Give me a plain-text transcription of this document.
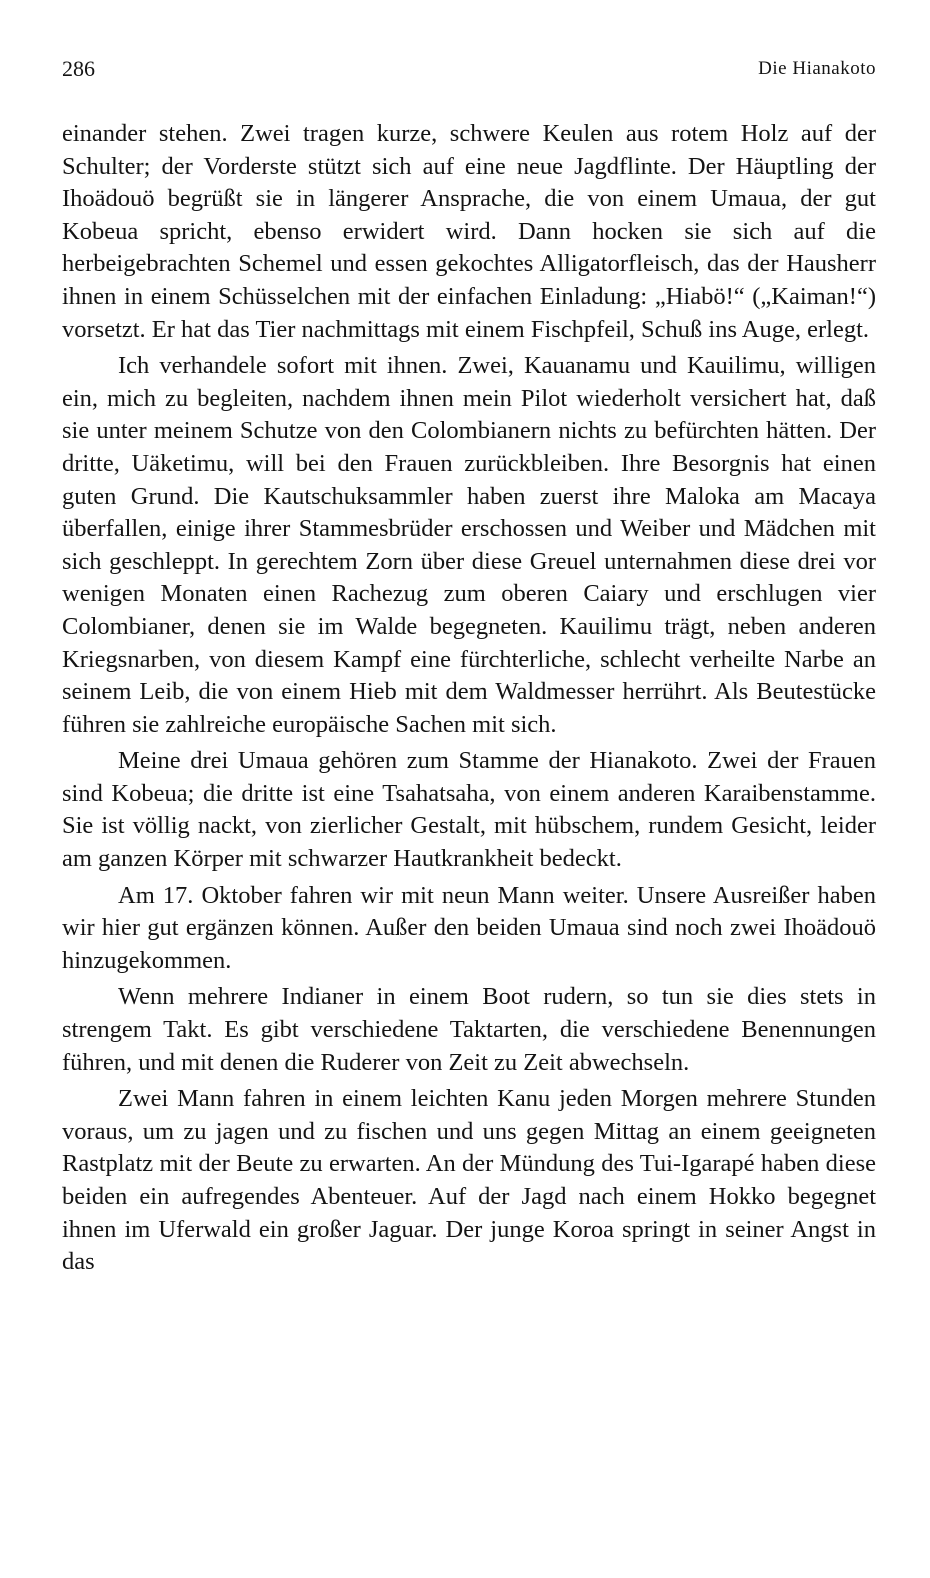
286	Die Hianakoto

einander stehen. Zwei tragen kurze, schwere Keulen aus rotem Holz auf der Schulter; der Vorderste stützt sich auf eine neue Jagdflinte. Der Häuptling der Ihoädouö begrüßt sie in längerer Ansprache, die von einem Umaua, der gut Kobeua spricht, ebenso erwidert wird. Dann hocken sie sich auf die herbeigebrachten Schemel und essen gekochtes Alligatorfleisch, das der Hausherr ihnen in einem Schüsselchen mit der einfachen Einladung: „Hiabö!“ („Kaiman!“) vorsetzt. Er hat das Tier nachmittags mit einem Fischpfeil, Schuß ins Auge, erlegt.

Ich verhandele sofort mit ihnen. Zwei, Kauanamu und Kauilimu, willigen ein, mich zu begleiten, nachdem ihnen mein Pilot wiederholt versichert hat, daß sie unter meinem Schutze von den Colombianern nichts zu befürchten hätten. Der dritte, Uäketimu, will bei den Frauen zurückbleiben. Ihre Besorgnis hat einen guten Grund. Die Kautschuksammler haben zuerst ihre Maloka am Macaya überfallen, einige ihrer Stammesbrüder erschossen und Weiber und Mädchen mit sich geschleppt. In gerechtem Zorn über diese Greuel unternahmen diese drei vor wenigen Monaten einen Rachezug zum oberen Caiary und erschlugen vier Colombianer, denen sie im Walde begegneten. Kauilimu trägt, neben anderen Kriegsnarben, von diesem Kampf eine fürchterliche, schlecht verheilte Narbe an seinem Leib, die von einem Hieb mit dem Waldmesser herrührt. Als Beutestücke führen sie zahlreiche europäische Sachen mit sich.

Meine drei Umaua gehören zum Stamme der Hianakoto. Zwei der Frauen sind Kobeua; die dritte ist eine Tsahatsaha, von einem anderen Karaibenstamme. Sie ist völlig nackt, von zierlicher Gestalt, mit hübschem, rundem Gesicht, leider am ganzen Körper mit schwarzer Hautkrankheit bedeckt.

Am 17. Oktober fahren wir mit neun Mann weiter. Unsere Ausreißer haben wir hier gut ergänzen können. Außer den beiden Umaua sind noch zwei Ihoädouö hinzugekommen.

Wenn mehrere Indianer in einem Boot rudern, so tun sie dies stets in strengem Takt. Es gibt verschiedene Taktarten, die verschiedene Benennungen führen, und mit denen die Ruderer von Zeit zu Zeit abwechseln.

Zwei Mann fahren in einem leichten Kanu jeden Morgen mehrere Stunden voraus, um zu jagen und zu fischen und uns gegen Mittag an einem geeigneten Rastplatz mit der Beute zu erwarten. An der Mündung des Tui-Igarapé haben diese beiden ein aufregendes Abenteuer. Auf der Jagd nach einem Hokko begegnet ihnen im Uferwald ein großer Jaguar. Der junge Koroa springt in seiner Angst in das
